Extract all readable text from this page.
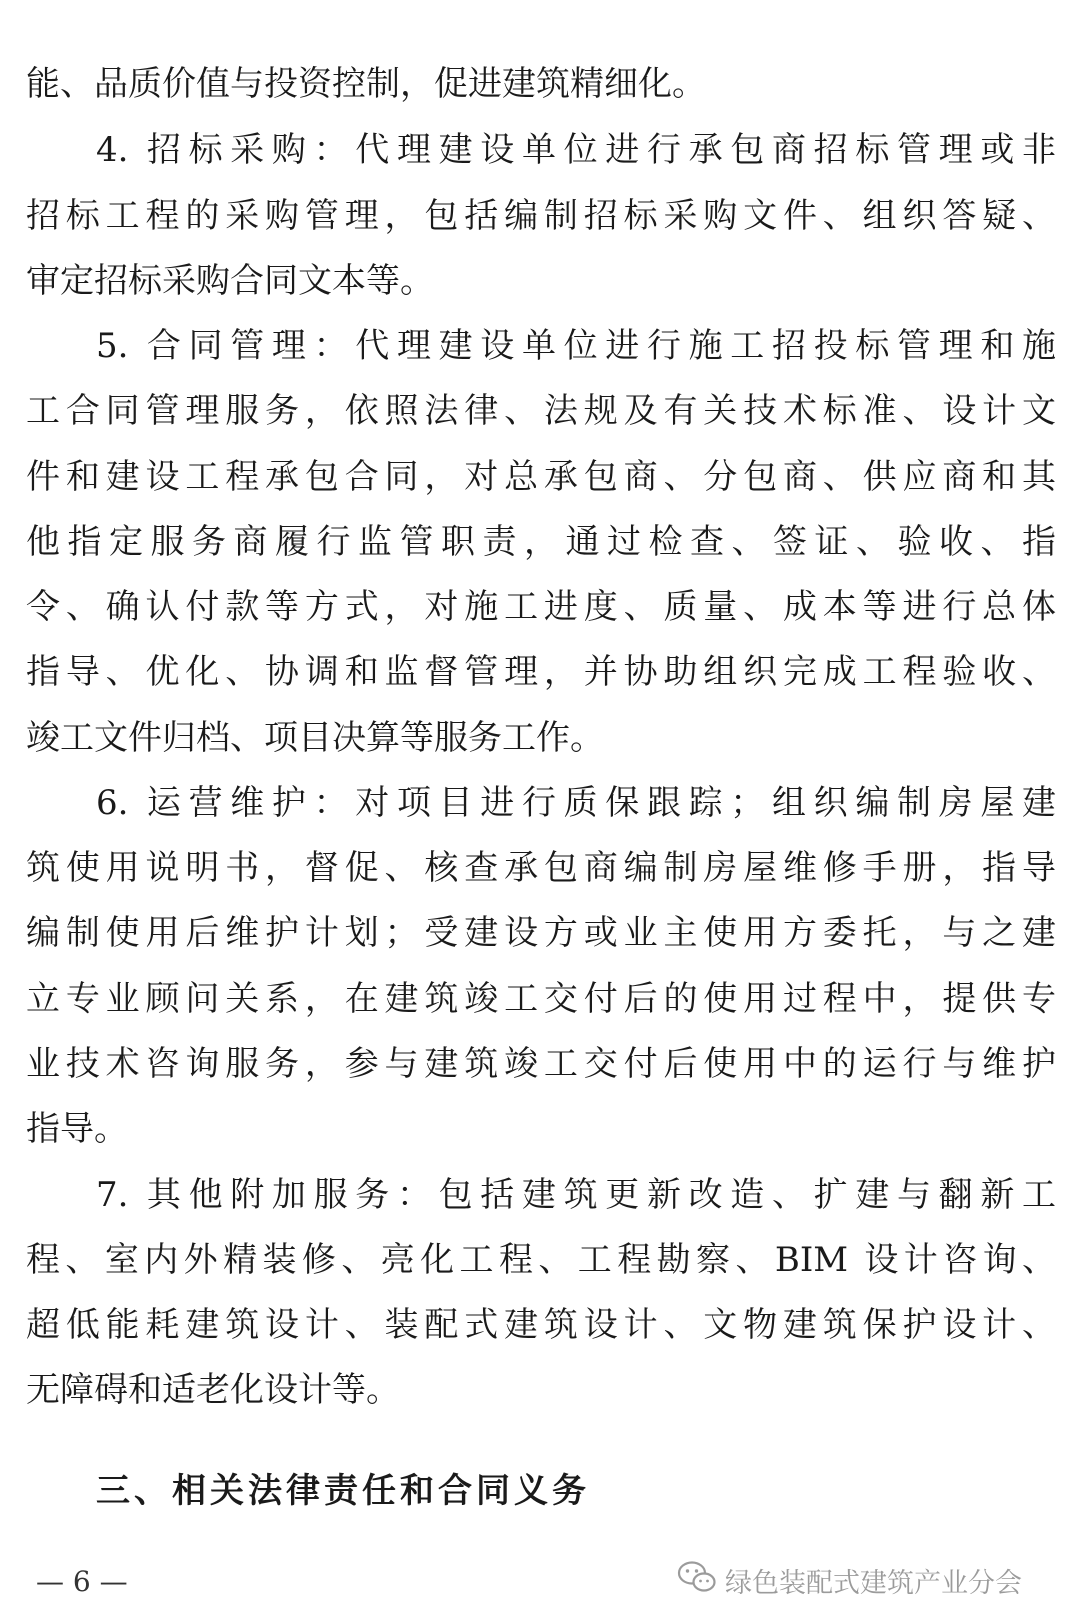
能、品质价值与投资控制，促进建筑精细化。
4. 招标采购：代理建设单位进行承包商招标管理或非
招标工程的采购管理，包括编制招标采购文件、组织答疑、
审定招标采购合同文本等。
5. 合同管理：代理建设单位进行施工招投标管理和施
工合同管理服务，依照法律、法规及有关技术标准、设计文
件和建设工程承包合同，对总承包商、分包商、供应商和其
他指定服务商履行监管职责，通过检查、签证、验收、指
令、确认付款等方式，对施工进度、质量、成本等进行总体
指导、优化、协调和监督管理，并协助组织完成工程验收、
竣工文件归档、项目决算等服务工作。
6. 运营维护：对项目进行质保跟踪；组织编制房屋建
筑使用说明书，督促、核查承包商编制房屋维修手册，指导
编制使用后维护计划；受建设方或业主使用方委托，与之建
立专业顾问关系，在建筑竣工交付后的使用过程中，提供专
业技术咨询服务，参与建筑竣工交付后使用中的运行与维护
指导。
7. 其他附加服务：包括建筑更新改造、扩建与翻新工
程、室内外精装修、亮化工程、工程勘察、BIM 设计咨询、
超低能耗建筑设计、装配式建筑设计、文物建筑保护设计、
无障碍和适老化设计等。
三、相关法律责任和合同义务
— 6 —	绿色装配式建筑产业分会
